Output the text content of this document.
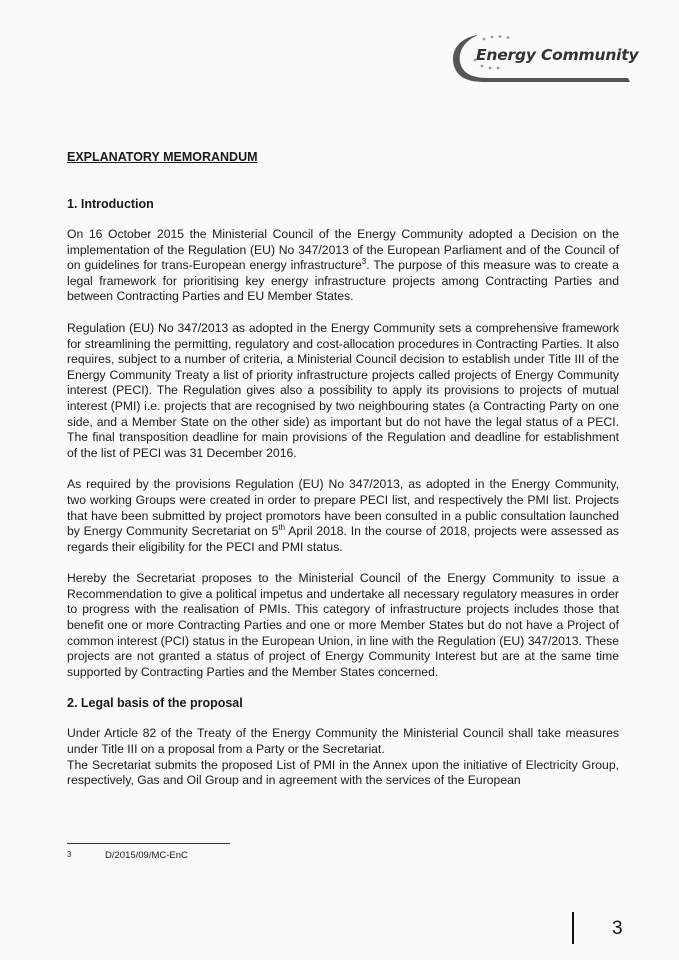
Energy Community
EXPLANATORY MEMORANDUM
1. Introduction

On 16 October 2015 the Ministerial Council of the Energy Community adopted a Decision on the implementation of the Regulation (EU) No 347/2013 of the European Parliament and of the Council of on guidelines for trans-European energy infrastructure$^3$. The purpose of this measure was to create a legal framework for prioritising key energy infrastructure projects among Contracting Parties and between Contracting Parties and EU Member States.

Regulation (EU) No 347/2013 as adopted in the Energy Community sets a comprehensive framework for streamlining the permitting, regulatory and cost-allocation procedures in Contracting Parties. It also requires, subject to a number of criteria, a Ministerial Council decision to establish under Title III of the Energy Community Treaty a list of priority infrastructure projects called projects of Energy Community interest (PECI). The Regulation gives also a possibility to apply its provisions to projects of mutual interest (PMI) i.e. projects that are recognised by two neighbouring states (a Contracting Party on one side, and a Member State on the other side) as important but do not have the legal status of a PECI. The final transposition deadline for main provisions of the Regulation and deadline for establishment of the list of PECI was 31 December 2016.

As required by the provisions Regulation (EU) No 347/2013, as adopted in the Energy Community, two working Groups were created in order to prepare PECI list, and respectively the PMI list. Projects that have been submitted by project promotors have been consulted in a public consultation launched by Energy Community Secretariat on 5th April 2018. In the course of 2018, projects were assessed as regards their eligibility for the PECI and PMI status.

Hereby the Secretariat proposes to the Ministerial Council of the Energy Community to issue a Recommendation to give a political impetus and undertake all necessary regulatory measures in order to progress with the realisation of PMIs. This category of infrastructure projects includes those that benefit one or more Contracting Parties and one or more Member States but do not have a Project of common interest (PCI) status in the European Union, in line with the Regulation (EU) 347/2013. These projects are not granted a status of project of Energy Community Interest but are at the same time supported by Contracting Parties and the Member States concerned.

2. Legal basis of the proposal

Under Article 82 of the Treaty of the Energy Community the Ministerial Council shall take measures under Title III on a proposal from a Party or the Secretariat.

The Secretariat submits the proposed List of PMI in the Annex upon the initiative of Electricity Group, respectively, Gas and Oil Group and in agreement with the services of the European

3	D/2015/09/MC-EnC
3
